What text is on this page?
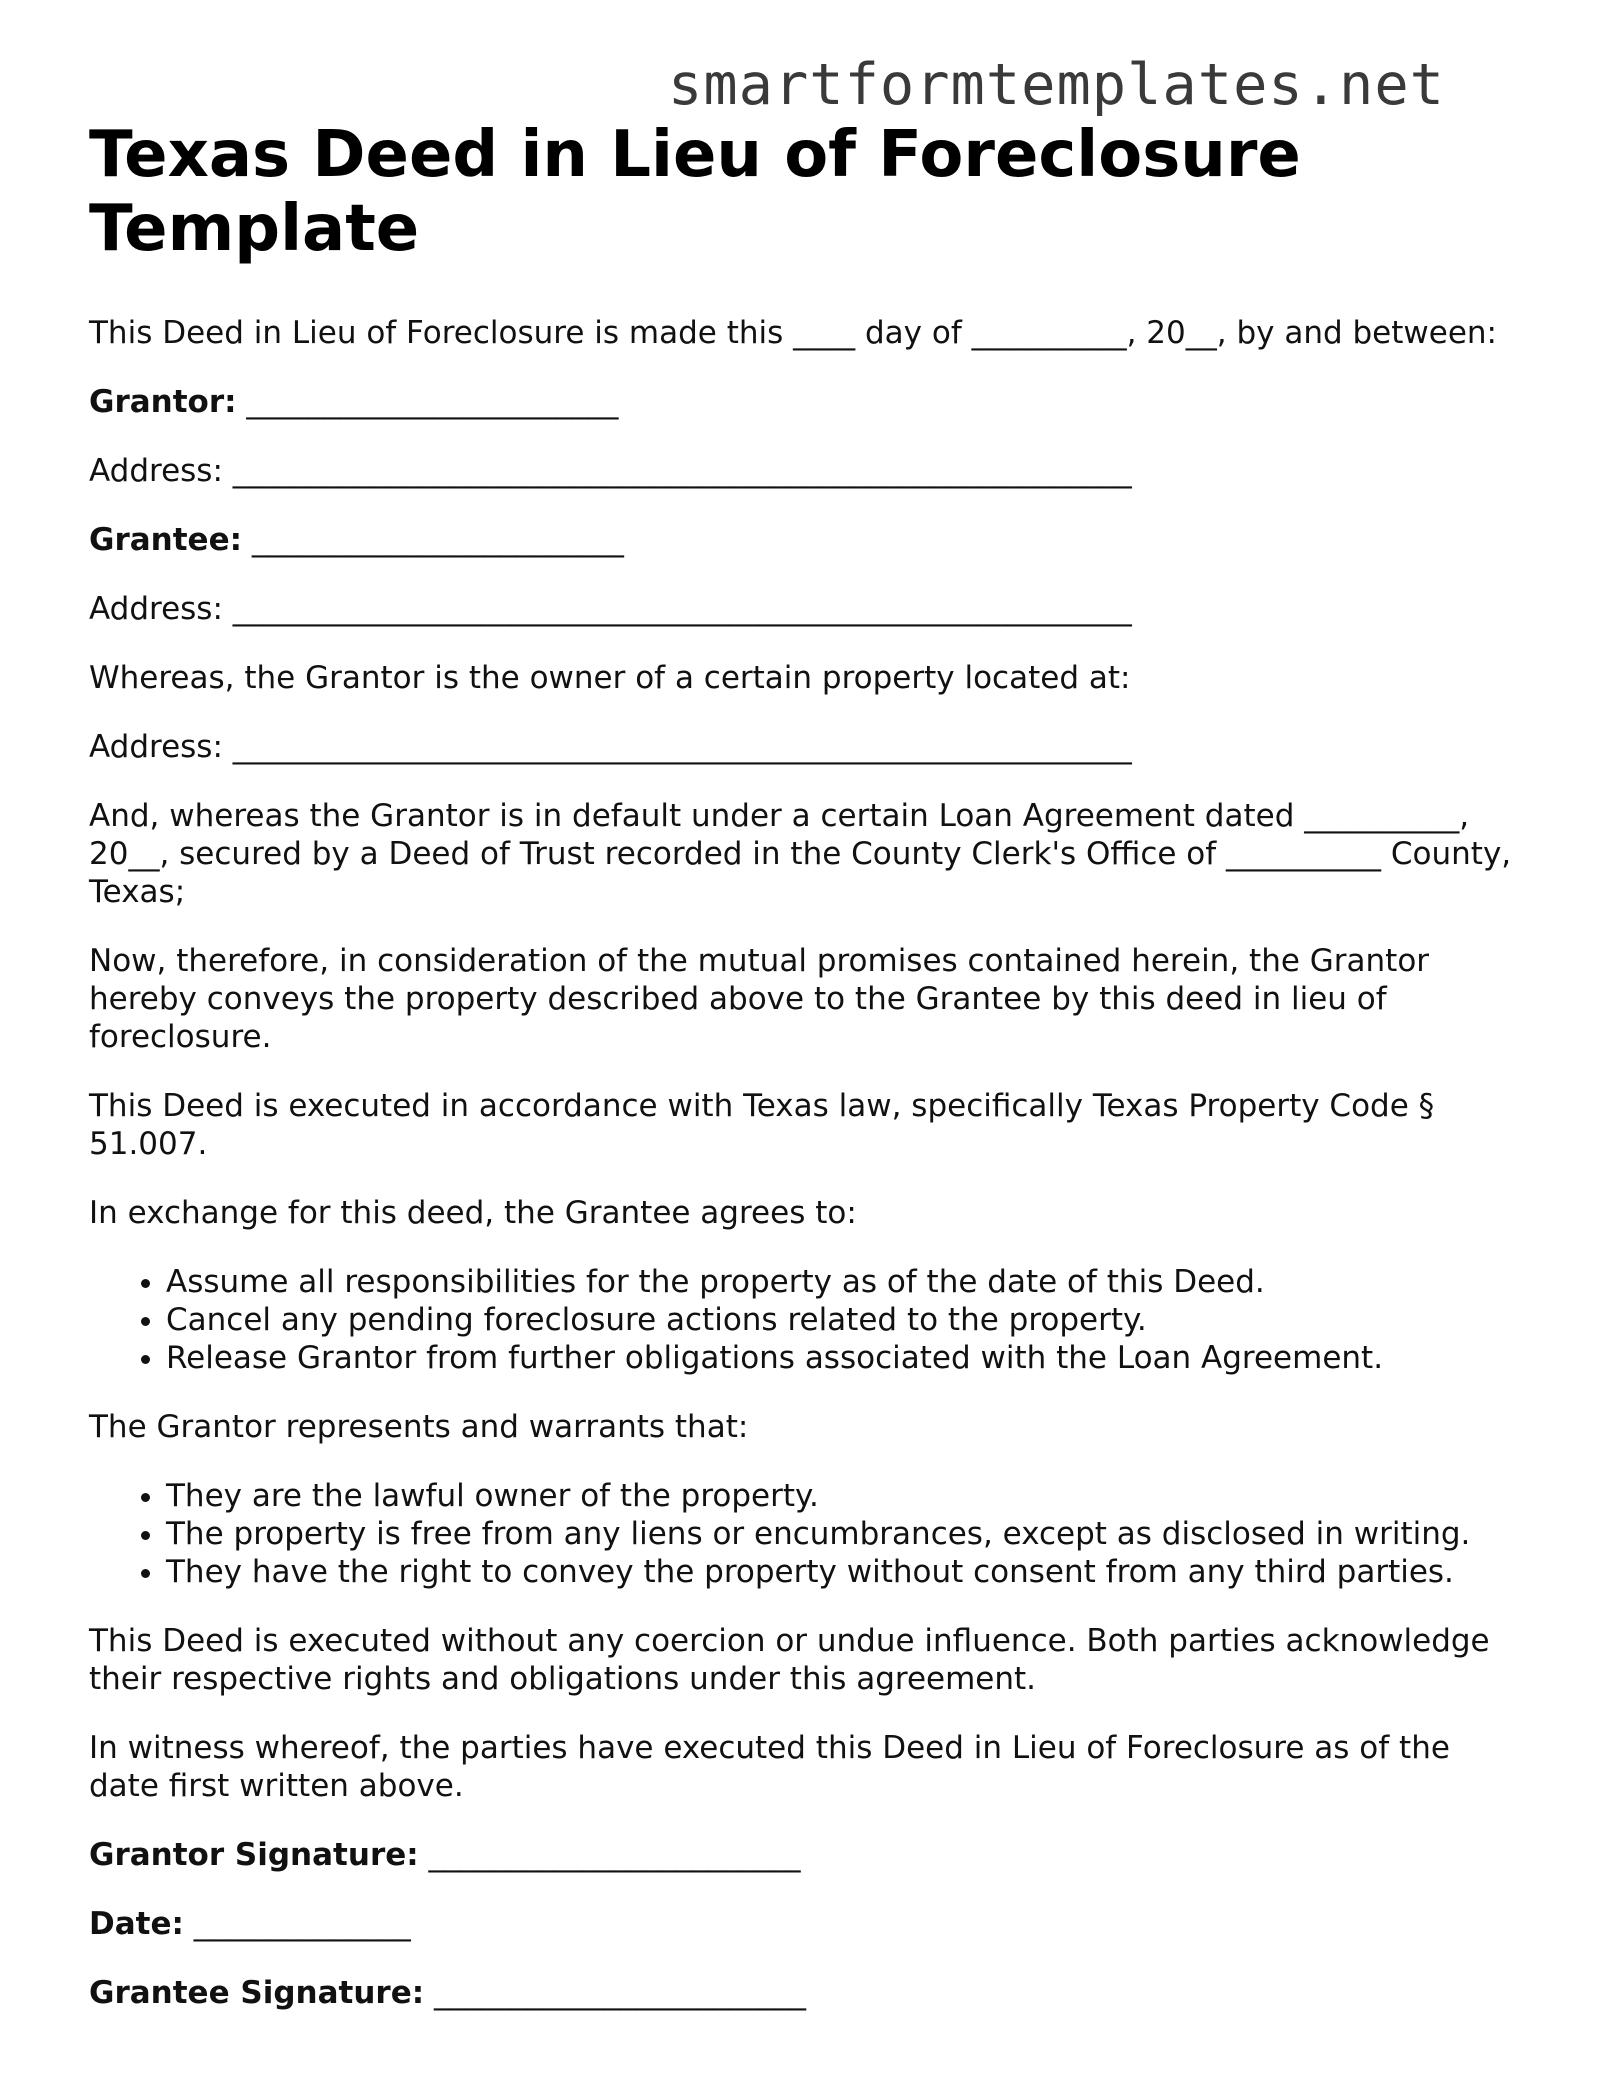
smartformtemplates.net
Texas Deed in Lieu of Foreclosure Template

This Deed in Lieu of Foreclosure is made this ____ day of __________, 20__, by and between:

Grantor: ________________________

Address: __________________________________________________________

Grantee: ________________________

Address: __________________________________________________________

Whereas, the Grantor is the owner of a certain property located at:

Address: __________________________________________________________

And, whereas the Grantor is in default under a certain Loan Agreement dated __________, 20__, secured by a Deed of Trust recorded in the County Clerk's Office of __________ County, Texas;

Now, therefore, in consideration of the mutual promises contained herein, the Grantor hereby conveys the property described above to the Grantee by this deed in lieu of foreclosure.

This Deed is executed in accordance with Texas law, specifically Texas Property Code § 51.007.

In exchange for this deed, the Grantee agrees to:

• Assume all responsibilities for the property as of the date of this Deed.
• Cancel any pending foreclosure actions related to the property.
• Release Grantor from further obligations associated with the Loan Agreement.

The Grantor represents and warrants that:

• They are the lawful owner of the property.
• The property is free from any liens or encumbrances, except as disclosed in writing.
• They have the right to convey the property without consent from any third parties.

This Deed is executed without any coercion or undue influence. Both parties acknowledge their respective rights and obligations under this agreement.

In witness whereof, the parties have executed this Deed in Lieu of Foreclosure as of the date first written above.

Grantor Signature: ________________________

Date: ______________

Grantee Signature: ________________________
